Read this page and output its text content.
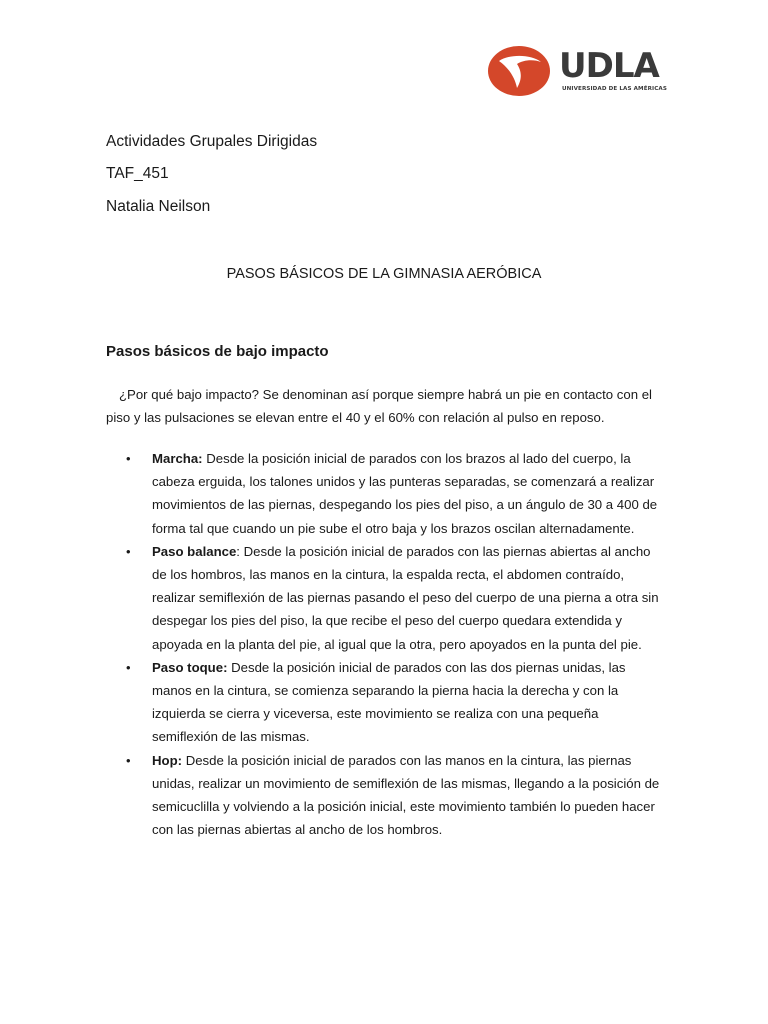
UDLA
UNIVERSIDAD DE LAS AMÉRICAS
Actividades Grupales Dirigidas
TAF_451
Natalia Neilson
PASOS BÁSICOS DE LA GIMNASIA AERÓBICA
Pasos básicos de bajo impacto
¿Por qué bajo impacto? Se denominan así porque siempre habrá un pie en contacto con el piso y las pulsaciones se elevan entre el 40 y el 60% con relación al pulso en reposo.
• Marcha: Desde la posición inicial de parados con los brazos al lado del cuerpo, la cabeza erguida, los talones unidos y las punteras separadas, se comenzará a realizar movimientos de las piernas, despegando los pies del piso, a un ángulo de 30 a 400 de forma tal que cuando un pie sube el otro baja y los brazos oscilan alternadamente.
• Paso balance: Desde la posición inicial de parados con las piernas abiertas al ancho de los hombros, las manos en la cintura, la espalda recta, el abdomen contraído, realizar semiflexión de las piernas pasando el peso del cuerpo de una pierna a otra sin despegar los pies del piso, la que recibe el peso del cuerpo quedara extendida y apoyada en la planta del pie, al igual que la otra, pero apoyados en la punta del pie.
• Paso toque: Desde la posición inicial de parados con las dos piernas unidas, las manos en la cintura, se comienza separando la pierna hacia la derecha y con la izquierda se cierra y viceversa, este movimiento se realiza con una pequeña semiflexión de las mismas.
• Hop: Desde la posición inicial de parados con las manos en la cintura, las piernas unidas, realizar un movimiento de semiflexión de las mismas, llegando a la posición de semicuclilla y volviendo a la posición inicial, este movimiento también lo pueden hacer con las piernas abiertas al ancho de los hombros.
